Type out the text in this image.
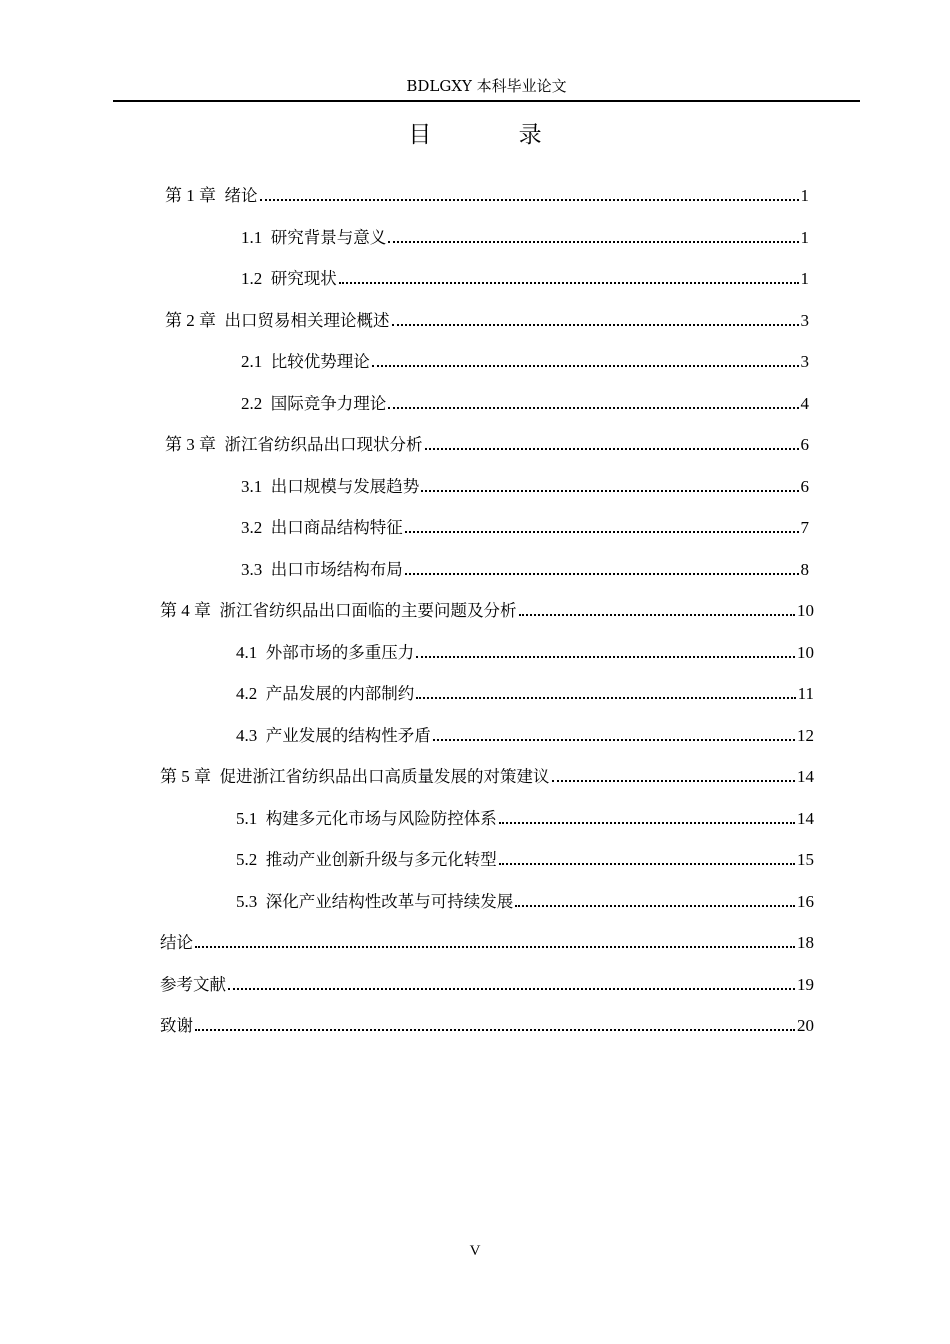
BDLGXY 本科毕业论文
目 录
第 1 章  绪论	1
1.1  研究背景与意义	1
1.2  研究现状	1
第 2 章  出口贸易相关理论概述	3
2.1  比较优势理论	3
2.2  国际竞争力理论	4
第 3 章  浙江省纺织品出口现状分析	6
3.1  出口规模与发展趋势	6
3.2  出口商品结构特征	7
3.3  出口市场结构布局	8
第 4 章  浙江省纺织品出口面临的主要问题及分析	10
4.1  外部市场的多重压力	10
4.2  产品发展的内部制约	11
4.3  产业发展的结构性矛盾	12
第 5 章  促进浙江省纺织品出口高质量发展的对策建议	14
5.1  构建多元化市场与风险防控体系	14
5.2  推动产业创新升级与多元化转型	15
5.3  深化产业结构性改革与可持续发展	16
结论	18
参考文献	19
致谢	20
V
